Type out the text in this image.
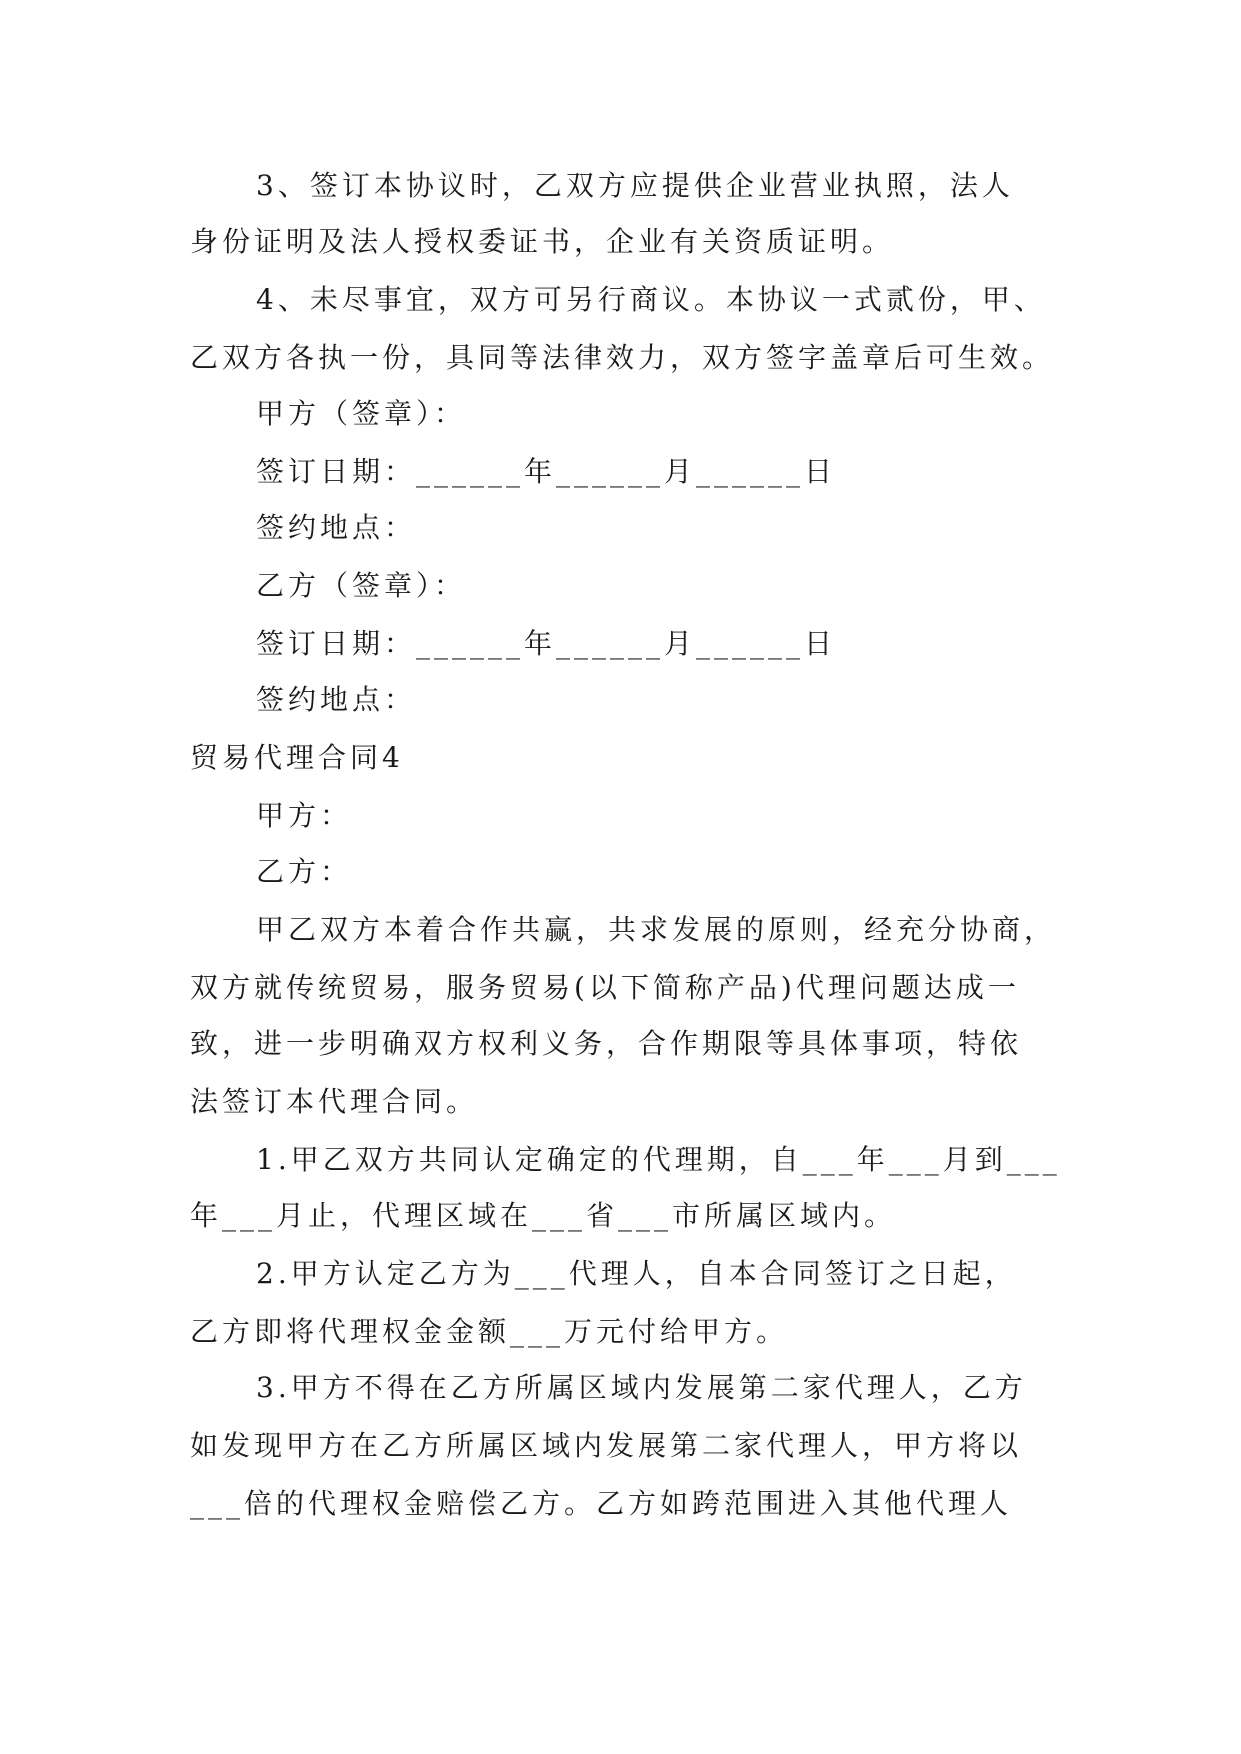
3、签订本协议时，乙双方应提供企业营业执照，法人
身份证明及法人授权委证书，企业有关资质证明。
4、未尽事宜，双方可另行商议。本协议一式贰份，甲、
乙双方各执一份，具同等法律效力，双方签字盖章后可生效。
甲方（签章）：
签订日期：______年______月______日
签约地点：
乙方（签章）：
签订日期：______年______月______日
签约地点：
贸易代理合同4
甲方：
乙方：
甲乙双方本着合作共赢，共求发展的原则，经充分协商，
双方就传统贸易，服务贸易(以下简称产品)代理问题达成一
致，进一步明确双方权利义务，合作期限等具体事项，特依
法签订本代理合同。
1.甲乙双方共同认定确定的代理期，自___年___月到___
年___月止，代理区域在___省___市所属区域内。
2.甲方认定乙方为___代理人，自本合同签订之日起，
乙方即将代理权金金额___万元付给甲方。
3.甲方不得在乙方所属区域内发展第二家代理人，乙方
如发现甲方在乙方所属区域内发展第二家代理人，甲方将以
___倍的代理权金赔偿乙方。乙方如跨范围进入其他代理人
